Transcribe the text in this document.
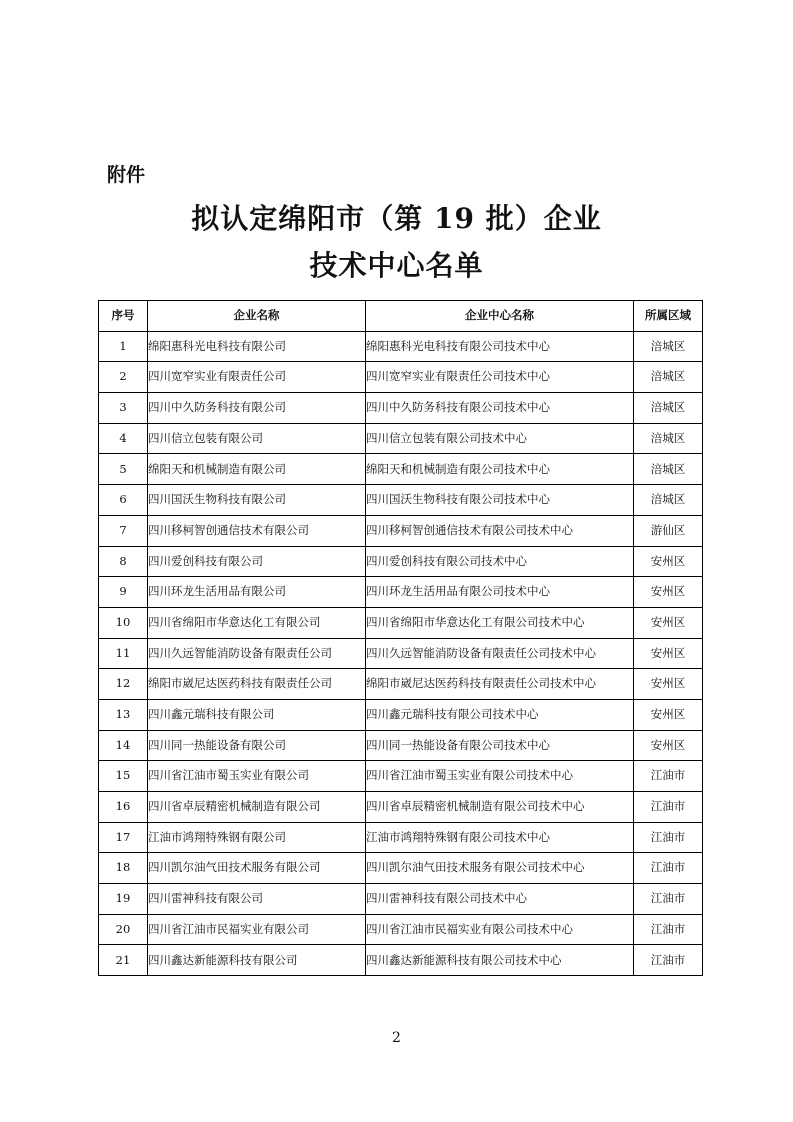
附件
拟认定绵阳市（第 19 批）企业
技术中心名单
序号	企业名称	企业中心名称	所属区域
1	绵阳惠科光电科技有限公司	绵阳惠科光电科技有限公司技术中心	涪城区
2	四川宽窄实业有限责任公司	四川宽窄实业有限责任公司技术中心	涪城区
3	四川中久防务科技有限公司	四川中久防务科技有限公司技术中心	涪城区
4	四川信立包装有限公司	四川信立包装有限公司技术中心	涪城区
5	绵阳天和机械制造有限公司	绵阳天和机械制造有限公司技术中心	涪城区
6	四川国沃生物科技有限公司	四川国沃生物科技有限公司技术中心	涪城区
7	四川移柯智创通信技术有限公司	四川移柯智创通信技术有限公司技术中心	游仙区
8	四川爱创科技有限公司	四川爱创科技有限公司技术中心	安州区
9	四川环龙生活用品有限公司	四川环龙生活用品有限公司技术中心	安州区
10	四川省绵阳市华意达化工有限公司	四川省绵阳市华意达化工有限公司技术中心	安州区
11	四川久远智能消防设备有限责任公司	四川久远智能消防设备有限责任公司技术中心	安州区
12	绵阳市崴尼达医药科技有限责任公司	绵阳市崴尼达医药科技有限责任公司技术中心	安州区
13	四川鑫元瑞科技有限公司	四川鑫元瑞科技有限公司技术中心	安州区
14	四川同一热能设备有限公司	四川同一热能设备有限公司技术中心	安州区
15	四川省江油市蜀玉实业有限公司	四川省江油市蜀玉实业有限公司技术中心	江油市
16	四川省卓辰精密机械制造有限公司	四川省卓辰精密机械制造有限公司技术中心	江油市
17	江油市鸿翔特殊钢有限公司	江油市鸿翔特殊钢有限公司技术中心	江油市
18	四川凯尔油气田技术服务有限公司	四川凯尔油气田技术服务有限公司技术中心	江油市
19	四川雷神科技有限公司	四川雷神科技有限公司技术中心	江油市
20	四川省江油市民福实业有限公司	四川省江油市民福实业有限公司技术中心	江油市
21	四川鑫达新能源科技有限公司	四川鑫达新能源科技有限公司技术中心	江油市
2
